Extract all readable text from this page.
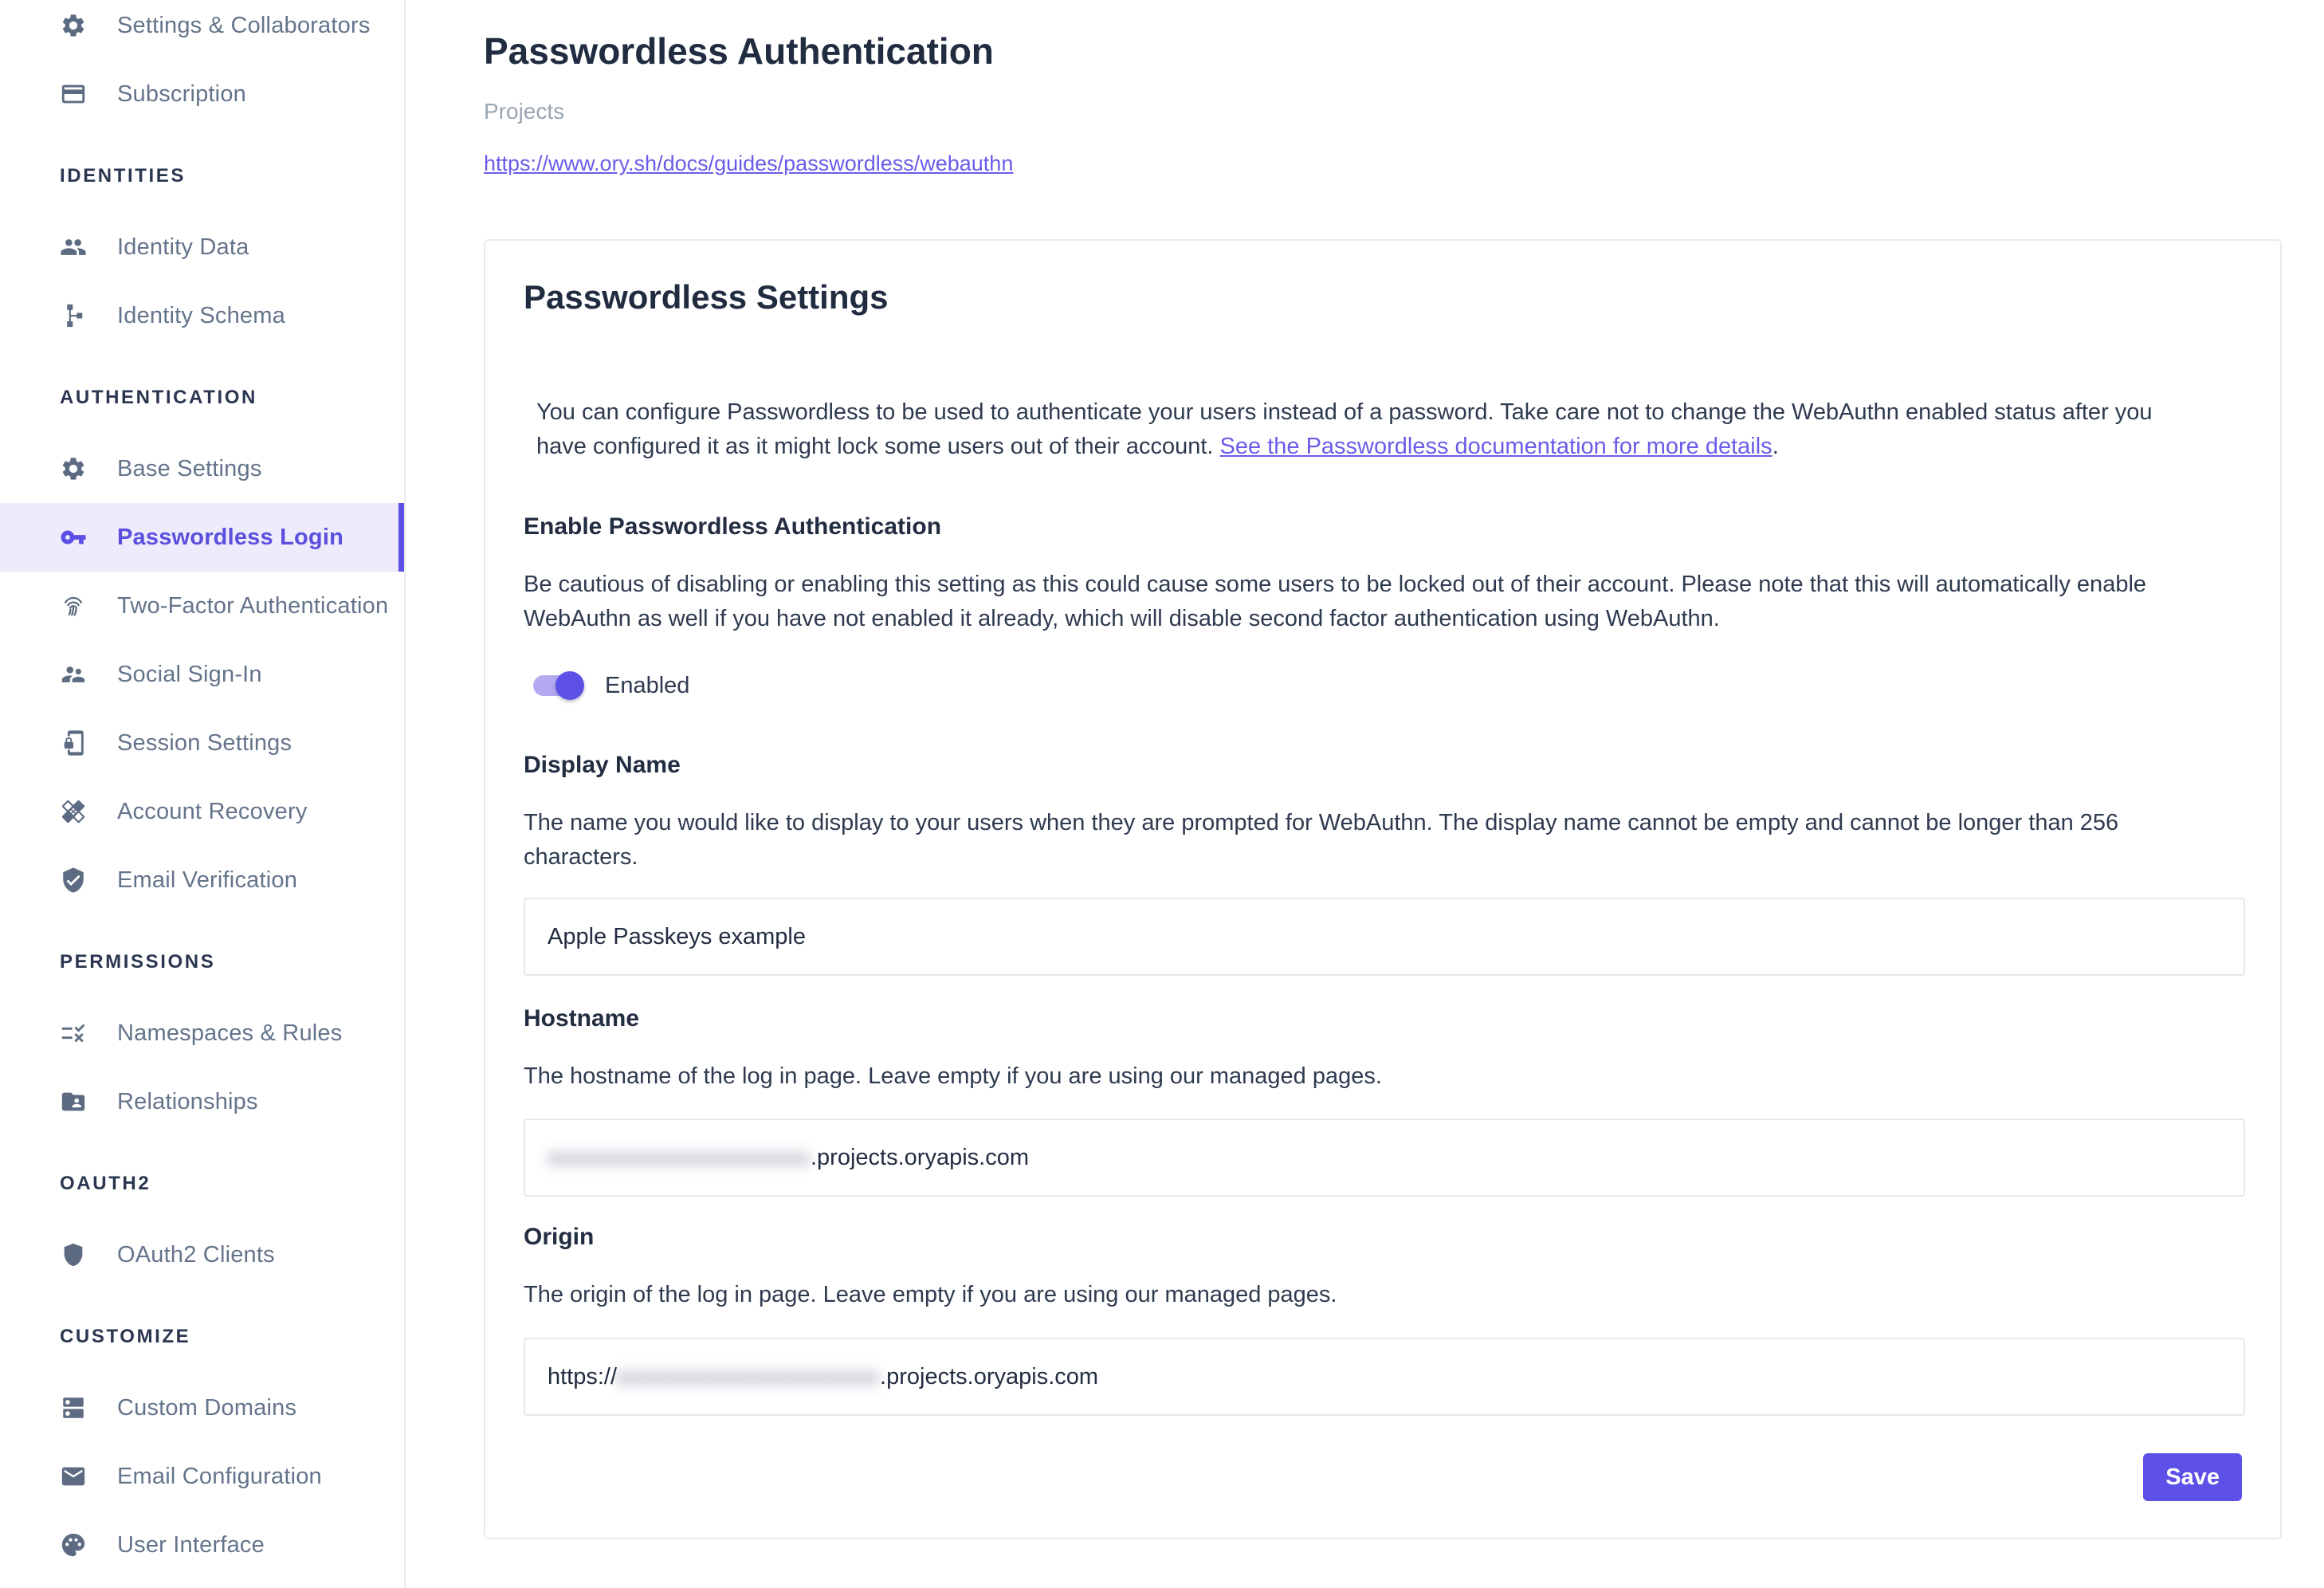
Settings & Collaborators
Subscription
IDENTITIES
Identity Data
Identity Schema
AUTHENTICATION
Base Settings
Passwordless Login
Two-Factor Authentication
Social Sign-In
Session Settings
Account Recovery
Email Verification
PERMISSIONS
Namespaces & Rules
Relationships
OAUTH2
OAuth2 Clients
CUSTOMIZE
Custom Domains
Email Configuration
User Interface
Passwordless Authentication
Projects
https://www.ory.sh/docs/guides/passwordless/webauthn
Passwordless Settings

You can configure Passwordless to be used to authenticate your users instead of a password. Take care not to change the WebAuthn enabled status after you have configured it as it might lock some users out of their account. See the Passwordless documentation for more details.

Enable Passwordless Authentication

Be cautious of disabling or enabling this setting as this could cause some users to be locked out of their account. Please note that this will automatically enable WebAuthn as well if you have not enabled it already, which will disable second factor authentication using WebAuthn.

Enabled
Display Name

The name you would like to display to your users when they are prompted for WebAuthn. The display name cannot be empty and cannot be longer than 256 characters.

Apple Passkeys example
Hostname

The hostname of the log in page. Leave empty if you are using our managed pages.

xxxxxxxxxxxxxxxxxxxx .projects.oryapis.com
Origin

The origin of the log in page. Leave empty if you are using our managed pages.

https:// xxxxxxxxxxxxxxxxxxxx .projects.oryapis.com
Save
